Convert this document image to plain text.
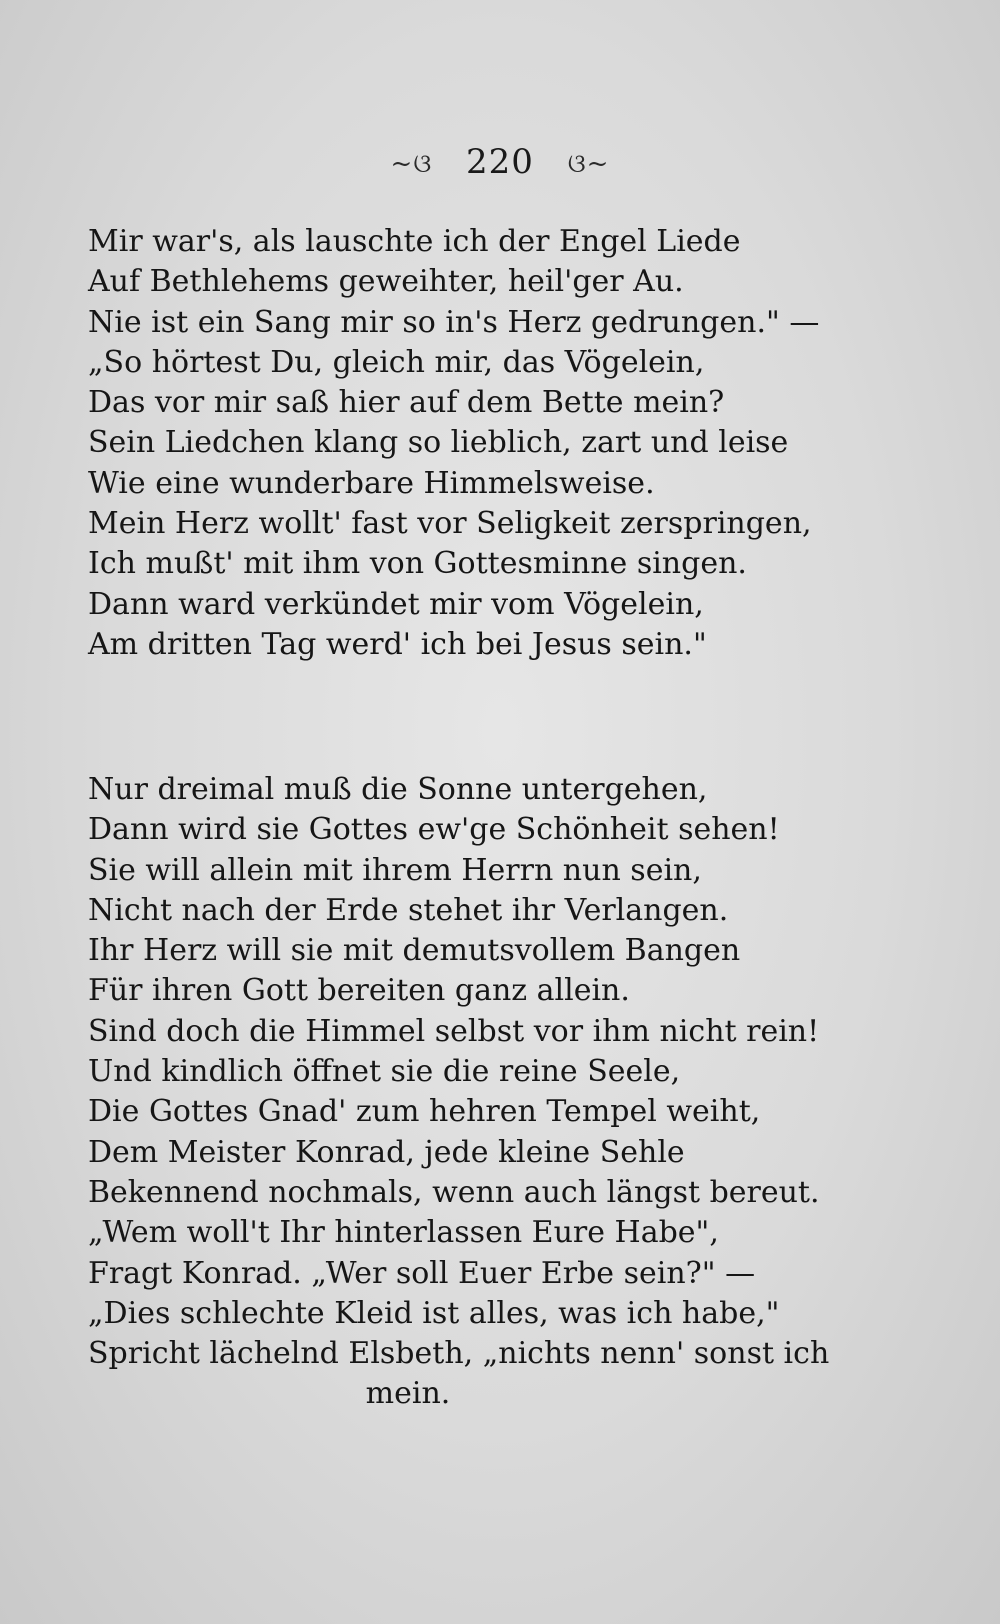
~ଓ 220 ଓ~
Mir war's, als lauschte ich der Engel Liede
Auf Bethlehems geweihter, heil'ger Au.
Nie ist ein Sang mir so in's Herz gedrungen." —
„So hörtest Du, gleich mir, das Vögelein,
Das vor mir saß hier auf dem Bette mein?
Sein Liedchen klang so lieblich, zart und leise
Wie eine wunderbare Himmelsweise.
Mein Herz wollt' fast vor Seligkeit zerspringen,
Ich mußt' mit ihm von Gottesminne singen.
Dann ward verkündet mir vom Vögelein,
Am dritten Tag werd' ich bei Jesus sein."
Nur dreimal muß die Sonne untergehen,
Dann wird sie Gottes ew'ge Schönheit sehen!
Sie will allein mit ihrem Herrn nun sein,
Nicht nach der Erde stehet ihr Verlangen.
Ihr Herz will sie mit demutsvollem Bangen
Für ihren Gott bereiten ganz allein.
Sind doch die Himmel selbst vor ihm nicht rein!
Und kindlich öffnet sie die reine Seele,
Die Gottes Gnad' zum hehren Tempel weiht,
Dem Meister Konrad, jede kleine Sehle
Bekennend nochmals, wenn auch längst bereut.
„Wem woll't Ihr hinterlassen Eure Habe",
Fragt Konrad. „Wer soll Euer Erbe sein?" —
„Dies schlechte Kleid ist alles, was ich habe,"
Spricht lächelnd Elsbeth, „nichts nenn' sonst ich
mein.
